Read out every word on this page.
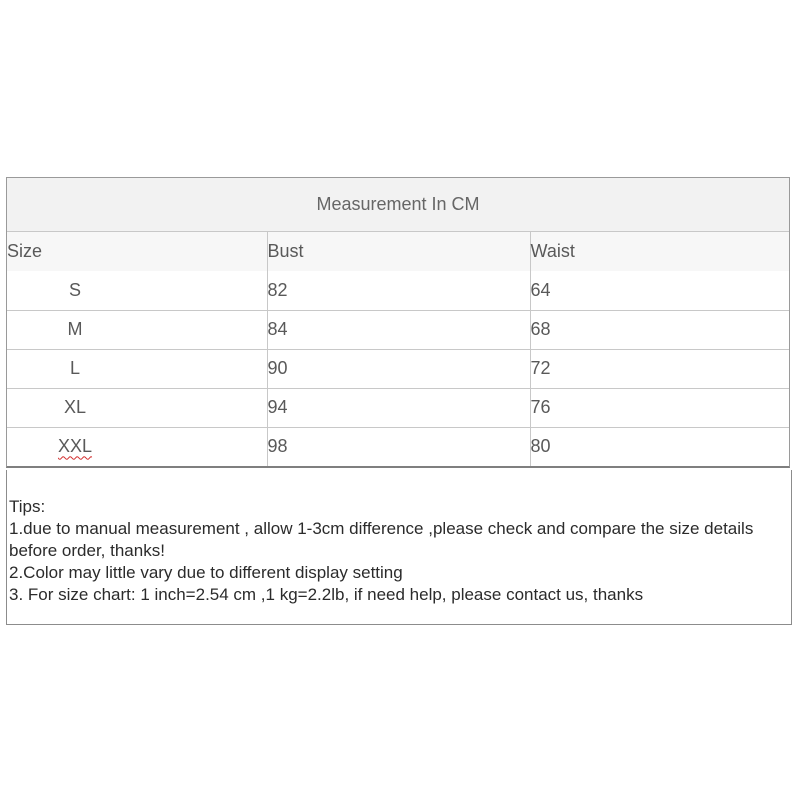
Measurement In CM
Size	Bust	Waist
S	82	64
M	84	68
L	90	72
XL	94	76
XXL	98	80
Tips:
1.due to manual measurement , allow 1-3cm difference ,please check and compare the size details
before order, thanks!
2.Color may little vary due to different display setting
3. For size chart: 1 inch=2.54 cm ,1 kg=2.2lb, if need help, please contact us, thanks
